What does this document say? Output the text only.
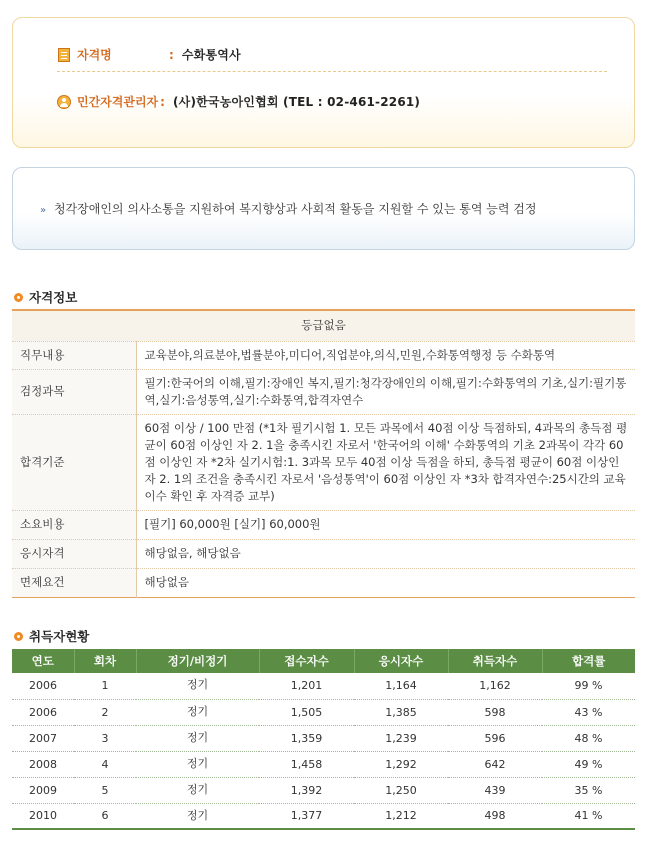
자격명	: 수화통역사
민간자격관리자 : (사)한국농아인협회 (TEL : 02-461-2261)
» 청각장애인의 의사소통을 지원하여 복지향상과 사회적 활동을 지원할 수 있는 통역 능력 검정
자격정보
등급없음	
직무내용	교육분야,의료분야,법률분야,미디어,직업분야,의식,민원,수화통역행정 등 수화통역
검정과목	필기:한국어의 이해,필기:장애인 복지,필기:청각장애인의 이해,필기:수화통역의 기초,실기:필기통역,실기:음성통역,실기:수화통역,합격자연수
합격기준	60점 이상 / 100 만점 (*1차 필기시험 1. 모든 과목에서 40점 이상 득점하되, 4과목의 총득점 평균이 60점 이상인 자 2. 1을 충족시킨 자로서 '한국어의 이해' 수화통역의 기초 2과목이 각각 60점 이상인 자 *2차 실기시험:1. 3과목 모두 40점 이상 득점을 하되, 총득점 평균이 60점 이상인자 2. 1의 조건을 충족시킨 자로서 '음성통역'이 60점 이상인 자 *3차 합격자연수:25시간의 교육 이수 확인 후 자격증 교부)
소요비용	[필기] 60,000원 [실기] 60,000원
응시자격	해당없음, 해당없음
면제요건	해당없음
취득자현황
연도	회차	정기/비정기	접수자수	응시자수	취득자수	합격률
2006	1	정기	1,201	1,164	1,162	99 %
2006	2	정기	1,505	1,385	598	43 %
2007	3	정기	1,359	1,239	596	48 %
2008	4	정기	1,458	1,292	642	49 %
2009	5	정기	1,392	1,250	439	35 %
2010	6	정기	1,377	1,212	498	41 %
